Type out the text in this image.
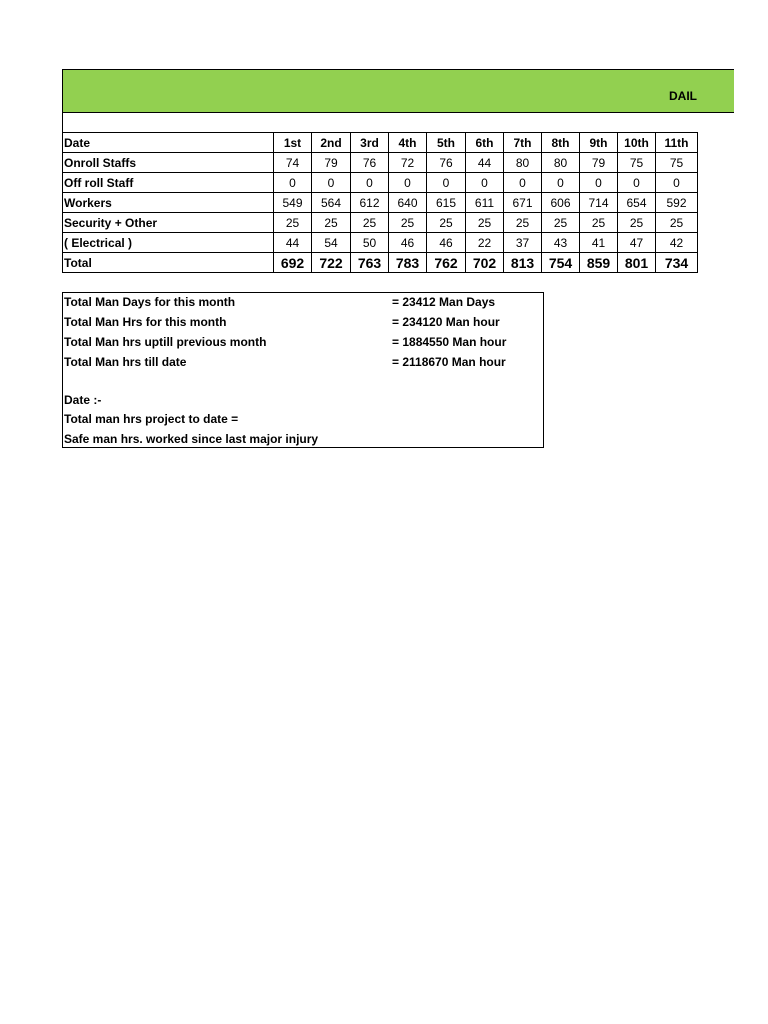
DAIL
Date	1st	2nd	3rd	4th	5th	6th	7th	8th	9th	10th	11th
Onroll Staffs	74	79	76	72	76	44	80	80	79	75	75
Off roll Staff	0	0	0	0	0	0	0	0	0	0	0
Workers	549	564	612	640	615	611	671	606	714	654	592
Security + Other	25	25	25	25	25	25	25	25	25	25	25
( Electrical )	44	54	50	46	46	22	37	43	41	47	42
Total	692	722	763	783	762	702	813	754	859	801	734
Total Man Days for this month	= 23412 Man Days
Total Man Hrs for this month	= 234120 Man hour
Total Man hrs uptill previous month	= 1884550 Man hour
Total Man hrs till date	= 2118670 Man hour
Date :-
Total man hrs project to date =
Safe man hrs. worked since last major injury
